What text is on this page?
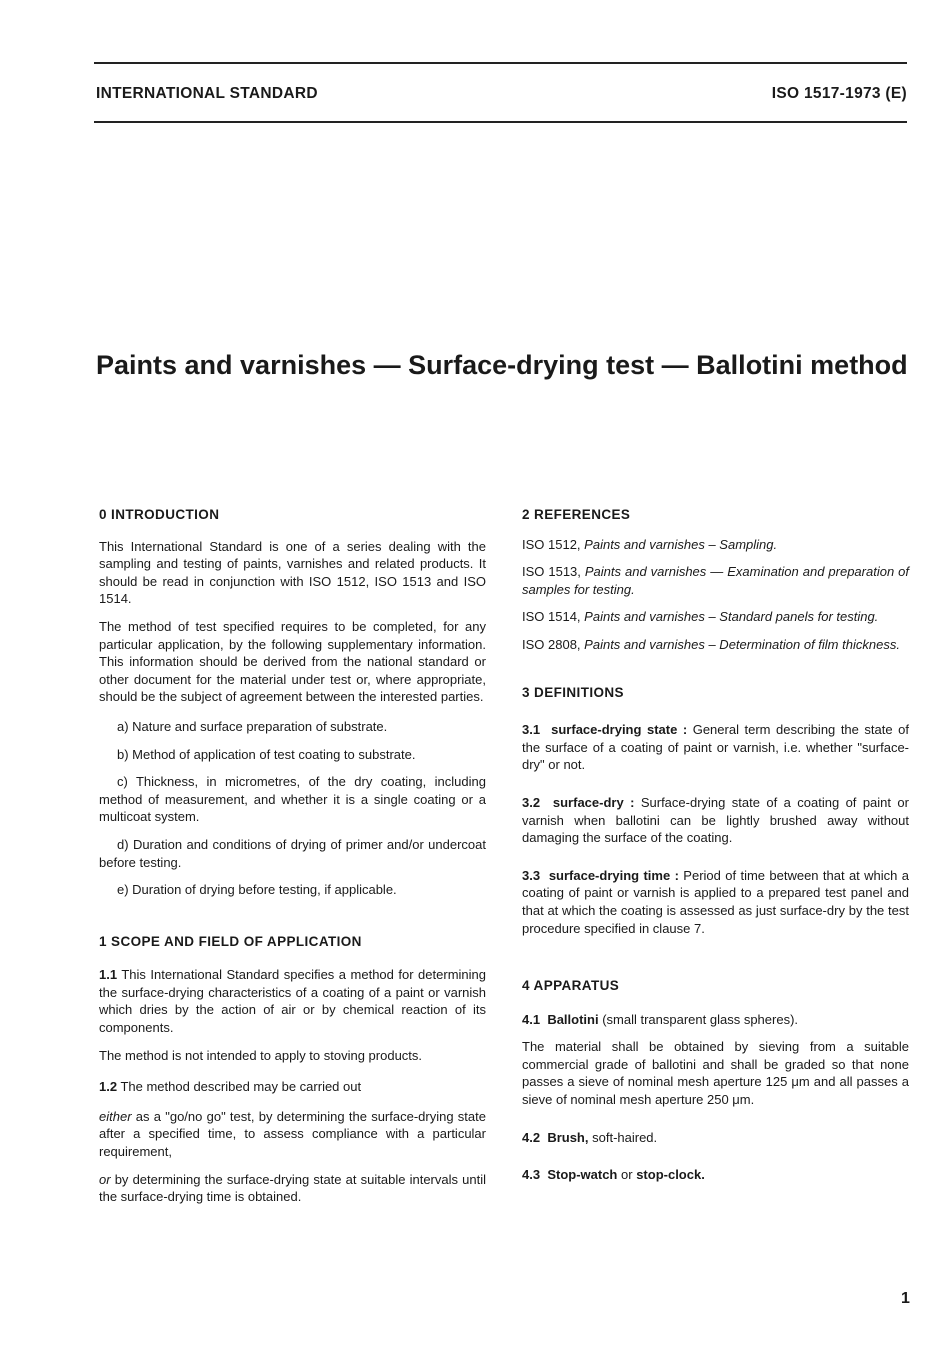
INTERNATIONAL STANDARD	ISO 1517-1973 (E)
Paints and varnishes — Surface-drying test — Ballotini method

0 INTRODUCTION

This International Standard is one of a series dealing with the sampling and testing of paints, varnishes and related products. It should be read in conjunction with ISO 1512, ISO 1513 and ISO 1514.

The method of test specified requires to be completed, for any particular application, by the following supplementary information. This information should be derived from the national standard or other document for the material under test or, where appropriate, should be the subject of agreement between the interested parties.

a) Nature and surface preparation of substrate.

b) Method of application of test coating to substrate.

c) Thickness, in micrometres, of the dry coating, including method of measurement, and whether it is a single coating or a multicoat system.

d) Duration and conditions of drying of primer and/or undercoat before testing.

e) Duration of drying before testing, if applicable.

1 SCOPE AND FIELD OF APPLICATION

1.1 This International Standard specifies a method for determining the surface-drying characteristics of a coating of a paint or varnish which dries by the action of air or by chemical reaction of its components.

The method is not intended to apply to stoving products.

1.2 The method described may be carried out

either as a "go/no go" test, by determining the surface-drying state after a specified time, to assess compliance with a particular requirement,

or by determining the surface-drying state at suitable intervals until the surface-drying time is obtained.

2 REFERENCES

ISO 1512, Paints and varnishes – Sampling.

ISO 1513, Paints and varnishes — Examination and preparation of samples for testing.

ISO 1514, Paints and varnishes – Standard panels for testing.

ISO 2808, Paints and varnishes – Determination of film thickness.

3 DEFINITIONS

3.1 surface-drying state : General term describing the state of the surface of a coating of paint or varnish, i.e. whether "surface-dry" or not.

3.2 surface-dry : Surface-drying state of a coating of paint or varnish when ballotini can be lightly brushed away without damaging the surface of the coating.

3.3 surface-drying time : Period of time between that at which a coating of paint or varnish is applied to a prepared test panel and that at which the coating is assessed as just surface-dry by the test procedure specified in clause 7.

4 APPARATUS

4.1 Ballotini (small transparent glass spheres).

The material shall be obtained by sieving from a suitable commercial grade of ballotini and shall be graded so that none passes a sieve of nominal mesh aperture 125 μm and all passes a sieve of nominal mesh aperture 250 μm.

4.2 Brush, soft-haired.

4.3 Stop-watch or stop-clock.

1
